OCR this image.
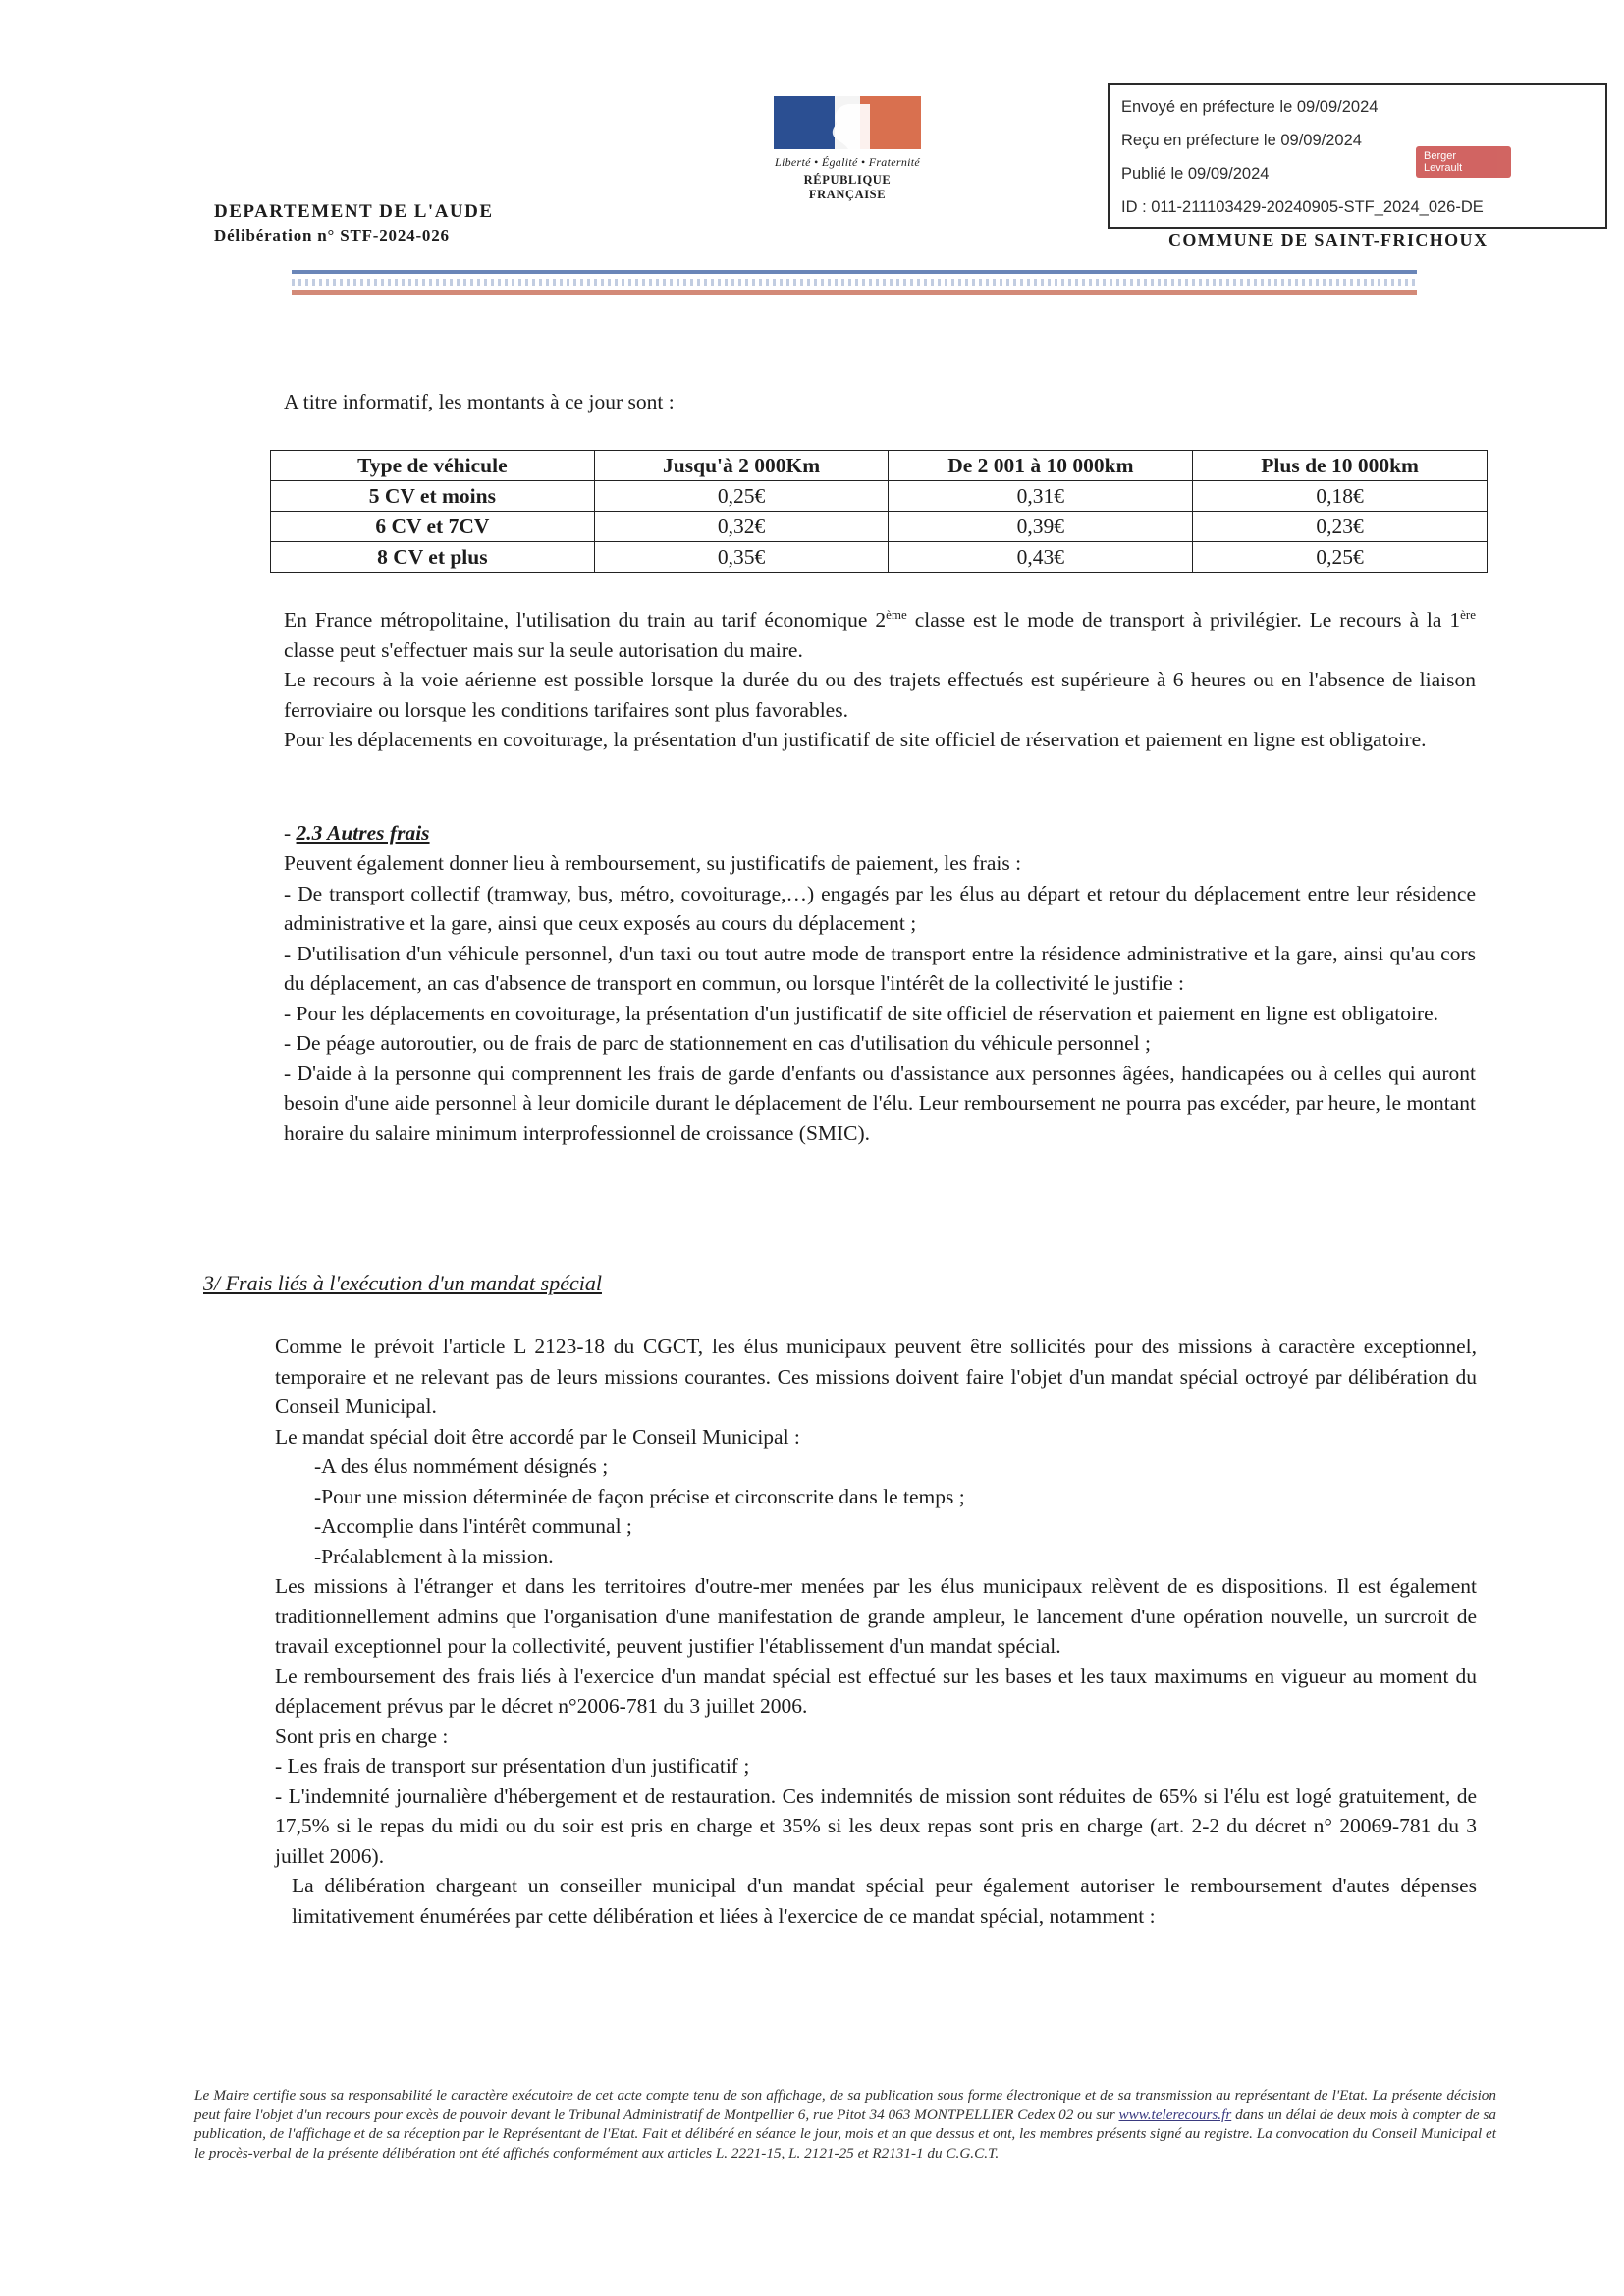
Liberté • Égalité • Fraternité
RÉPUBLIQUE FRANÇAISE
DEPARTEMENT DE L'AUDE
Délibération n° STF-2024-026	COMMUNE DE SAINT-FRICHOUX
Envoyé en préfecture le 09/09/2024
Reçu en préfecture le 09/09/2024
Publié le 09/09/2024
ID : 011-211103429-20240905-STF_2024_026-DE
Berger
Levrault
A titre informatif, les montants à ce jour sont :
Type de véhicule	Jusqu'à 2 000Km	De 2 001 à 10 000km	Plus de 10 000km
5 CV et moins	0,25€	0,31€	0,18€
6 CV et 7CV	0,32€	0,39€	0,23€
8 CV et plus	0,35€	0,43€	0,25€
En France métropolitaine, l'utilisation du train au tarif économique 2ème classe est le mode de transport à privilégier. Le recours à la 1ère classe peut s'effectuer mais sur la seule autorisation du maire.
Le recours à la voie aérienne est possible lorsque la durée du ou des trajets effectués est supérieure à 6 heures ou en l'absence de liaison ferroviaire ou lorsque les conditions tarifaires sont plus favorables.
Pour les déplacements en covoiturage, la présentation d'un justificatif de site officiel de réservation et paiement en ligne est obligatoire.
- 2.3 Autres frais
Peuvent également donner lieu à remboursement, su justificatifs de paiement, les frais :
- De transport collectif (tramway, bus, métro, covoiturage,…) engagés par les élus au départ et retour du déplacement entre leur résidence administrative et la gare, ainsi que ceux exposés au cours du déplacement ;
- D'utilisation d'un véhicule personnel, d'un taxi ou tout autre mode de transport entre la résidence administrative et la gare, ainsi qu'au cors du déplacement, an cas d'absence de transport en commun, ou lorsque l'intérêt de la collectivité le justifie :
- Pour les déplacements en covoiturage, la présentation d'un justificatif de site officiel de réservation et paiement en ligne est obligatoire.
- De péage autoroutier, ou de frais de parc de stationnement en cas d'utilisation du véhicule personnel ;
- D'aide à la personne qui comprennent les frais de garde d'enfants ou d'assistance aux personnes âgées, handicapées ou à celles qui auront besoin d'une aide personnel à leur domicile durant le déplacement de l'élu. Leur remboursement ne pourra pas excéder, par heure, le montant horaire du salaire minimum interprofessionnel de croissance (SMIC).
3/ Frais liés à l'exécution d'un mandat spécial
Comme le prévoit l'article L 2123-18 du CGCT, les élus municipaux peuvent être sollicités pour des missions à caractère exceptionnel, temporaire et ne relevant pas de leurs missions courantes. Ces missions doivent faire l'objet d'un mandat spécial octroyé par délibération du Conseil Municipal.
Le mandat spécial doit être accordé par le Conseil Municipal :
-A des élus nommément désignés ;
-Pour une mission déterminée de façon précise et circonscrite dans le temps ;
-Accomplie dans l'intérêt communal ;
-Préalablement à la mission.
Les missions à l'étranger et dans les territoires d'outre-mer menées par les élus municipaux relèvent de es dispositions. Il est également traditionnellement admins que l'organisation d'une manifestation de grande ampleur, le lancement d'une opération nouvelle, un surcroit de travail exceptionnel pour la collectivité, peuvent justifier l'établissement d'un mandat spécial.
Le remboursement des frais liés à l'exercice d'un mandat spécial est effectué sur les bases et les taux maximums en vigueur au moment du déplacement prévus par le décret n°2006-781 du 3 juillet 2006.
Sont pris en charge :
- Les frais de transport sur présentation d'un justificatif ;
- L'indemnité journalière d'hébergement et de restauration. Ces indemnités de mission sont réduites de 65% si l'élu est logé gratuitement, de 17,5% si le repas du midi ou du soir est pris en charge et 35% si les deux repas sont pris en charge (art. 2-2 du décret n° 20069-781 du 3 juillet 2006).
La délibération chargeant un conseiller municipal d'un mandat spécial peur également autoriser le remboursement d'autes dépenses limitativement énumérées par cette délibération et liées à l'exercice de ce mandat spécial, notamment :
Le Maire certifie sous sa responsabilité le caractère exécutoire de cet acte compte tenu de son affichage, de sa publication sous forme électronique et de sa transmission au représentant de l'Etat. La présente décision peut faire l'objet d'un recours pour excès de pouvoir devant le Tribunal Administratif de Montpellier 6, rue Pitot 34 063 MONTPELLIER Cedex 02 ou sur www.telerecours.fr dans un délai de deux mois à compter de sa publication, de l'affichage et de sa réception par le Représentant de l'Etat. Fait et délibéré en séance le jour, mois et an que dessus et ont, les membres présents signé au registre. La convocation du Conseil Municipal et le procès-verbal de la présente délibération ont été affichés conformément aux articles L. 2221-15, L. 2121-25 et R2131-1 du C.G.C.T.
